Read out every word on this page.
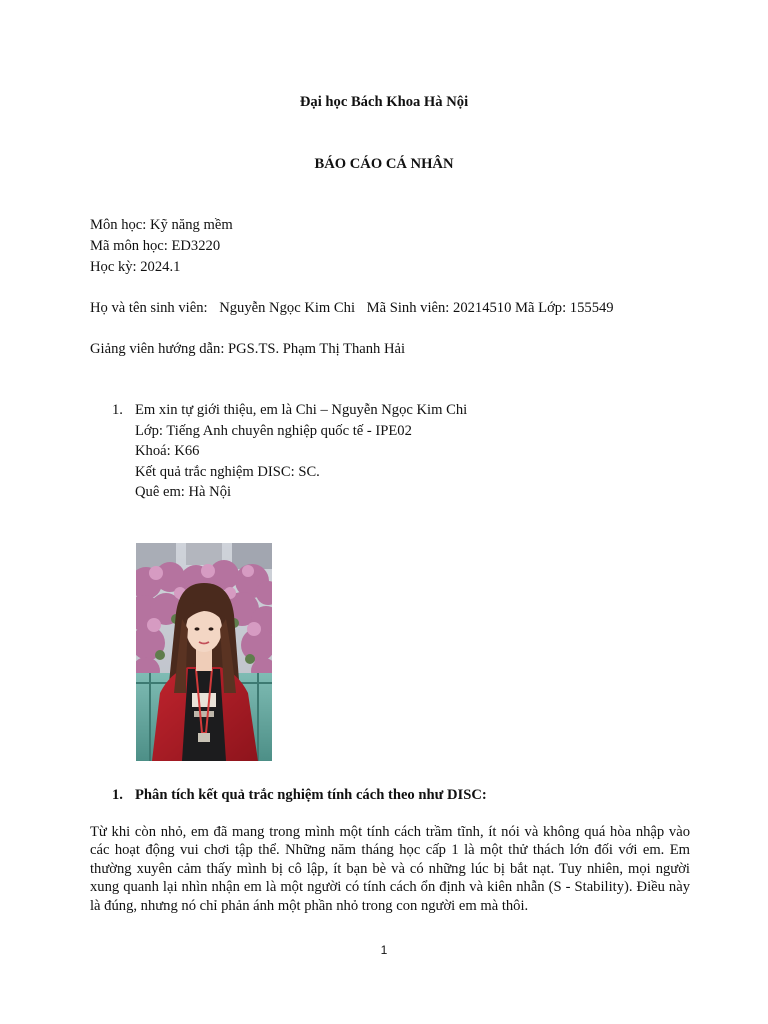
Đại học Bách Khoa Hà Nội
BÁO CÁO CÁ NHÂN
Môn học: Kỹ năng mềm
Mã môn học: ED3220
Học kỳ: 2024.1
Họ và tên sinh viên: Nguyễn Ngọc Kim Chi Mã Sinh viên: 20214510 Mã Lớp: 155549
Giảng viên hướng dẫn: PGS.TS. Phạm Thị Thanh Hải
1. Em xin tự giới thiệu, em là Chi – Nguyễn Ngọc Kim Chi
Lớp: Tiếng Anh chuyên nghiệp quốc tế - IPE02
Khoá: K66
Kết quả trắc nghiệm DISC: SC.
Quê em: Hà Nội
1. Phân tích kết quả trắc nghiệm tính cách theo như DISC:
Từ khi còn nhỏ, em đã mang trong mình một tính cách trầm tĩnh, ít nói và không quá hòa nhập vào các hoạt động vui chơi tập thể. Những năm tháng học cấp 1 là một thử thách lớn đối với em. Em thường xuyên cảm thấy mình bị cô lập, ít bạn bè và có những lúc bị bắt nạt. Tuy nhiên, mọi người xung quanh lại nhìn nhận em là một người có tính cách ổn định và kiên nhẫn (S - Stability). Điều này là đúng, nhưng nó chỉ phản ánh một phần nhỏ trong con người em mà thôi.
1
